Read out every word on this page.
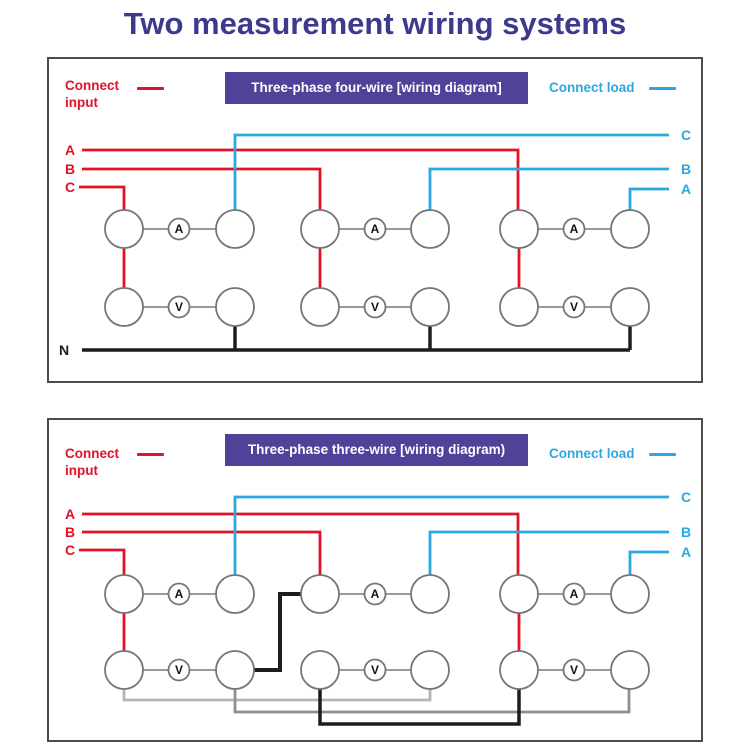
Two measurement wiring systems
Connect
input
Three-phase four-wire [wiring diagram]	Connect load
A
B
C
C
B
A
N
A	A	A
V	V	V
Connect
input
Three-phase three-wire [wiring diagram)	Connect load
A
B
C
C
B
A
A	A	A
V	V	V
